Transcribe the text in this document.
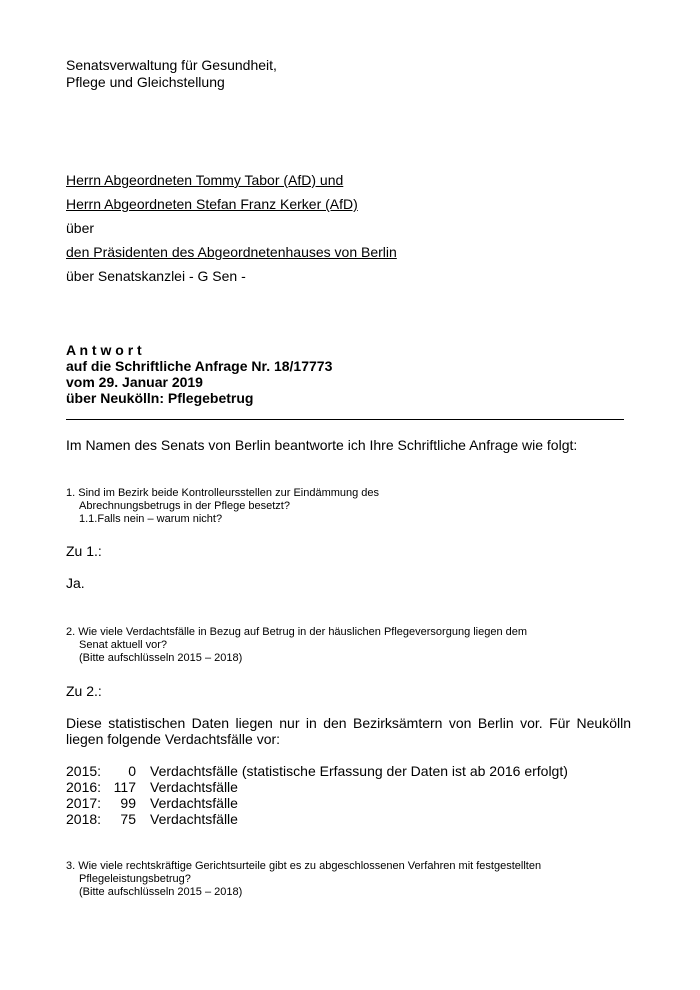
Senatsverwaltung für Gesundheit,
Pflege und Gleichstellung
Herrn Abgeordneten Tommy Tabor (AfD) und
Herrn Abgeordneten Stefan Franz Kerker (AfD)
über
den Präsidenten des Abgeordnetenhauses von Berlin
über Senatskanzlei - G Sen -
A n t w o r t
auf die Schriftliche Anfrage Nr. 18/17773
vom 29. Januar 2019
über Neukölln: Pflegebetrug
Im Namen des Senats von Berlin beantworte ich Ihre Schriftliche Anfrage wie folgt:
1. Sind im Bezirk beide Kontrolleursstellen zur Eindämmung des
Abrechnungsbetrugs in der Pflege besetzt?
1.1.Falls nein – warum nicht?
Zu 1.:
Ja.
2. Wie viele Verdachtsfälle in Bezug auf Betrug in der häuslichen Pflegeversorgung liegen dem
Senat aktuell vor?
(Bitte aufschlüsseln 2015 – 2018)
Zu 2.:
Diese statistischen Daten liegen nur in den Bezirksämtern von Berlin vor. Für Neukölln liegen folgende Verdachtsfälle vor:
2015:	0 Verdachtsfälle (statistische Erfassung der Daten ist ab 2016 erfolgt)
2016: 117 Verdachtsfälle
2017:	99 Verdachtsfälle
2018:	75 Verdachtsfälle
3. Wie viele rechtskräftige Gerichtsurteile gibt es zu abgeschlossenen Verfahren mit festgestellten
Pflegeleistungsbetrug?
(Bitte aufschlüsseln 2015 – 2018)
